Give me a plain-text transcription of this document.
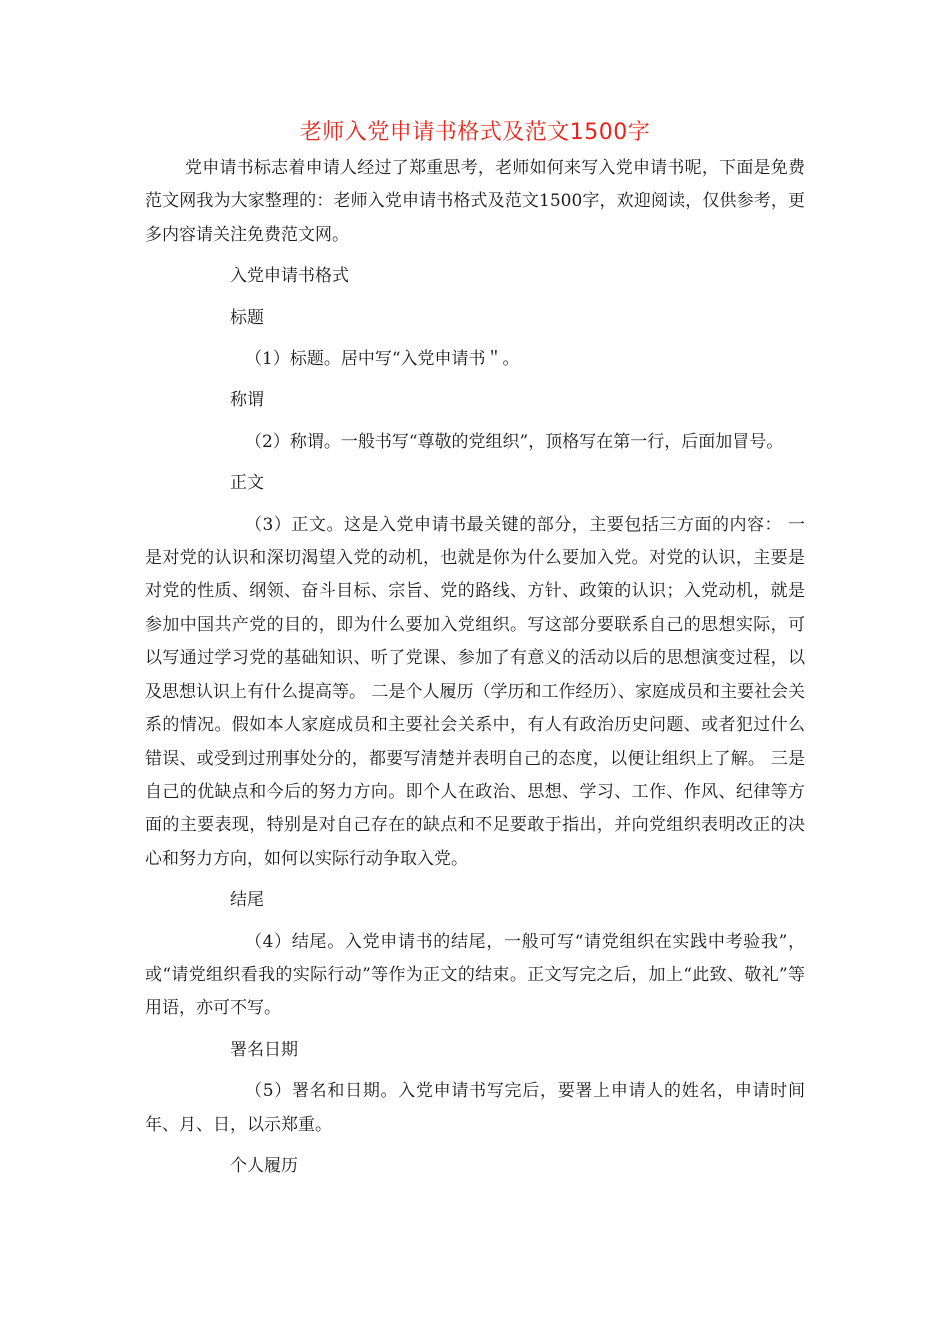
老师入党申请书格式及范文1500字

党申请书标志着申请人经过了郑重思考，老师如何来写入党申请书呢，下面是免费范文网我为大家整理的：老师入党申请书格式及范文1500字，欢迎阅读，仅供参考，更多内容请关注免费范文网。

入党申请书格式

标题

（1）标题。居中写“入党申请书＂。

称谓

（2）称谓。一般书写“尊敬的党组织”，顶格写在第一行，后面加冒号。

正文

（3）正文。这是入党申请书最关键的部分，主要包括三方面的内容： 一是对党的认识和深切渴望入党的动机，也就是你为什么要加入党。对党的认识，主要是对党的性质、纲领、奋斗目标、宗旨、党的路线、方针、政策的认识；入党动机，就是参加中国共产党的目的，即为什么要加入党组织。写这部分要联系自己的思想实际，可以写通过学习党的基础知识、听了党课、参加了有意义的活动以后的思想演变过程，以及思想认识上有什么提高等。 二是个人履历（学历和工作经历）、家庭成员和主要社会关系的情况。假如本人家庭成员和主要社会关系中，有人有政治历史问题、或者犯过什么错误、或受到过刑事处分的，都要写清楚并表明自己的态度，以便让组织上了解。 三是自己的优缺点和今后的努力方向。即个人在政治、思想、学习、工作、作风、纪律等方面的主要表现，特别是对自己存在的缺点和不足要敢于指出，并向党组织表明改正的决心和努力方向，如何以实际行动争取入党。

结尾

（4）结尾。入党申请书的结尾，一般可写“请党组织在实践中考验我”，或“请党组织看我的实际行动”等作为正文的结束。正文写完之后，加上“此致、敬礼”等用语，亦可不写。

署名日期

（5）署名和日期。入党申请书写完后，要署上申请人的姓名，申请时间年、月、日，以示郑重。

个人履历
